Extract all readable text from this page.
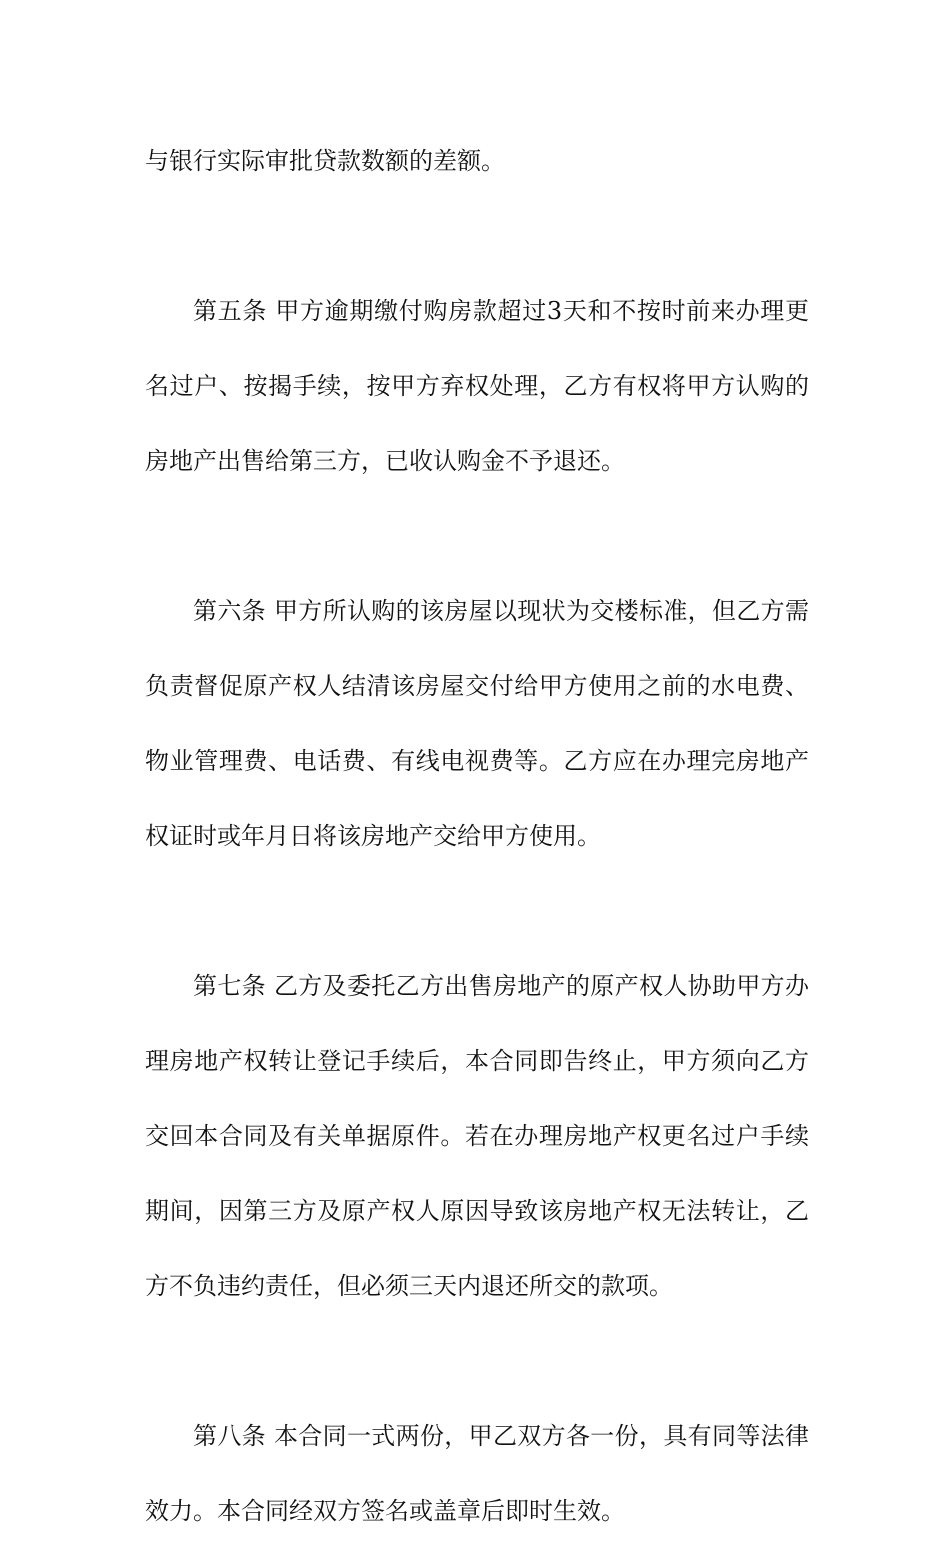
与银行实际审批贷款数额的差额。
第五条 甲方逾期缴付购房款超过3天和不按时前来办理更
名过户、按揭手续，按甲方弃权处理，乙方有权将甲方认购的
房地产出售给第三方，已收认购金不予退还。
第六条 甲方所认购的该房屋以现状为交楼标准，但乙方需
负责督促原产权人结清该房屋交付给甲方使用之前的水电费、
物业管理费、电话费、有线电视费等。乙方应在办理完房地产
权证时或年月日将该房地产交给甲方使用。
第七条 乙方及委托乙方出售房地产的原产权人协助甲方办
理房地产权转让登记手续后，本合同即告终止，甲方须向乙方
交回本合同及有关单据原件。若在办理房地产权更名过户手续
期间，因第三方及原产权人原因导致该房地产权无法转让，乙
方不负违约责任，但必须三天内退还所交的款项。
第八条 本合同一式两份，甲乙双方各一份，具有同等法律
效力。本合同经双方签名或盖章后即时生效。
